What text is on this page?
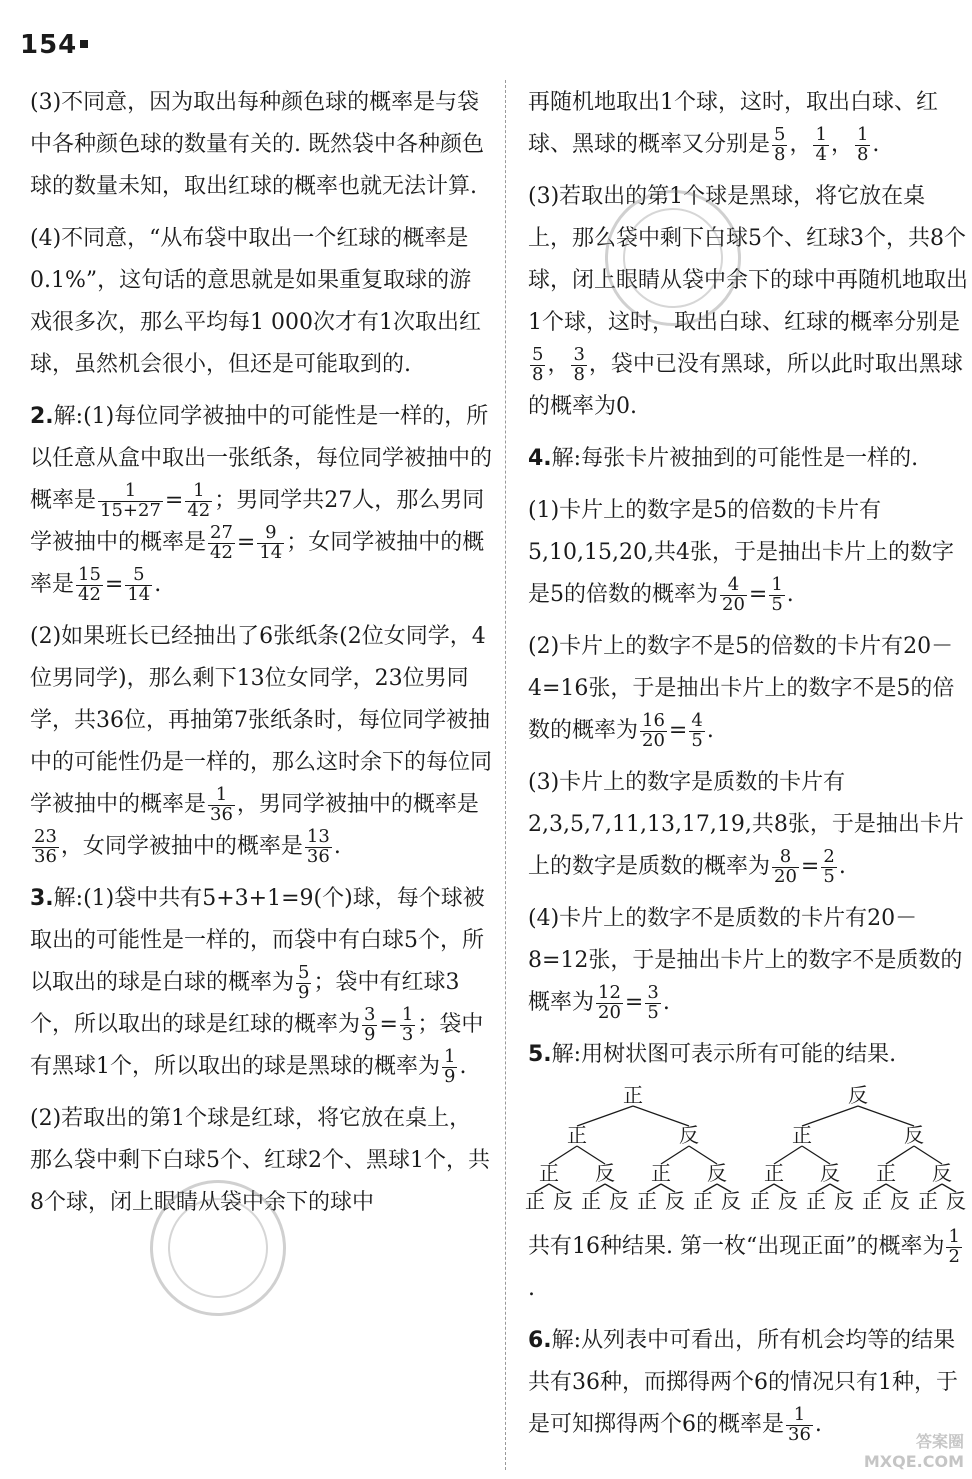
154

(3)不同意，因为取出每种颜色球的概率是与袋中各种颜色球的数量有关的. 既然袋中各种颜色球的数量未知，取出红球的概率也就无法计算.

(4)不同意，“从布袋中取出一个红球的概率是0.1%”，这句话的意思就是如果重复取球的游戏很多次，那么平均每1 000次才有1次取出红球，虽然机会很小，但还是可能取到的.

2.解:(1)每位同学被抽中的可能性是一样的，所以任意从盒中取出一张纸条，每位同学被抽中的概率是 $\frac{1}{15+27} = \frac{1}{42}$ ；男同学共27人，那么男同学被抽中的概率是 $\frac{27}{42} = \frac{9}{14}$ ；女同学被抽中的概率是 $\frac{15}{42} = \frac{5}{14}$ .

(2)如果班长已经抽出了6张纸条(2位女同学，4位男同学)，那么剩下13位女同学，23位男同学，共36位，再抽第7张纸条时，每位同学被抽中的可能性仍是一样的，那么这时余下的每位同学被抽中的概率是 $\frac{1}{36}$ ，男同学被抽中的概率是
$\frac{23}{36}$ ，女同学被抽中的概率是 $\frac{13}{36}$ .

3.解:(1)袋中共有5+3+1=9(个)球，每个球被取出的可能性是一样的，而袋中有白球5个，所以取出的球是白球的概率为 $\frac{5}{9}$ ；袋中有红球3个，所以取出的球是红球的概率为 $\frac{3}{9} = \frac{1}{3}$ ；袋中有黑球1个，所以取出的球是黑球的概率为 $\frac{1}{9}$ .

(2)若取出的第1个球是红球，将它放在桌上，那么袋中剩下白球5个、红球2个、黑球1个，共8个球，闭上眼睛从袋中余下的球中

再随机地取出1个球，这时，取出白球、红球、黑球的概率又分别是 $\frac{5}{8}$ ， $\frac{1}{4}$ ， $\frac{1}{8}$ .

(3)若取出的第1个球是黑球，将它放在桌上，那么袋中剩下白球5个、红球3个，共8个球，闭上眼睛从袋中余下的球中再随机地取出1个球，这时，取出白球、红球的概率分别是
$\frac{5}{8}$ ， $\frac{3}{8}$ ，袋中已没有黑球，所以此时取出黑球的概率为0.

4.解:每张卡片被抽到的可能性是一样的.

(1)卡片上的数字是5的倍数的卡片有5,10,15,20,共4张，于是抽出卡片上的数字是5的倍数的概率为 $\frac{4}{20} = \frac{1}{5}$ .

(2)卡片上的数字不是5的倍数的卡片有20－4=16张，于是抽出卡片上的数字不是5的倍数的概率为 $\frac{16}{20} = \frac{4}{5}$ .

(3)卡片上的数字是质数的卡片有2,3,5,7,11,13,17,19,共8张，于是抽出卡片上的数字是质数的概率为 $\frac{8}{20} = \frac{2}{5}$ .

(4)卡片上的数字不是质数的卡片有20－8=12张，于是抽出卡片上的数字不是质数的概率为 $\frac{12}{20} = \frac{3}{5}$ .

5.解:用树状图可表示所有可能的结果.

正
正	反
正 反 正 反
正 反 正 反 正 反 正 反
反
正	反
正 反 正 反
正 反 正 反 正 反 正 反

共有16种结果. 第一枚“出现正面”的概率为 $\frac{1}{2}$
.

6.解:从列表中可看出，所有机会均等的结果共有36种，而掷得两个6的情况只有1种，于是可知掷得两个6的概率是 $\frac{1}{36}$ .

答案圈
MXQE.COM
